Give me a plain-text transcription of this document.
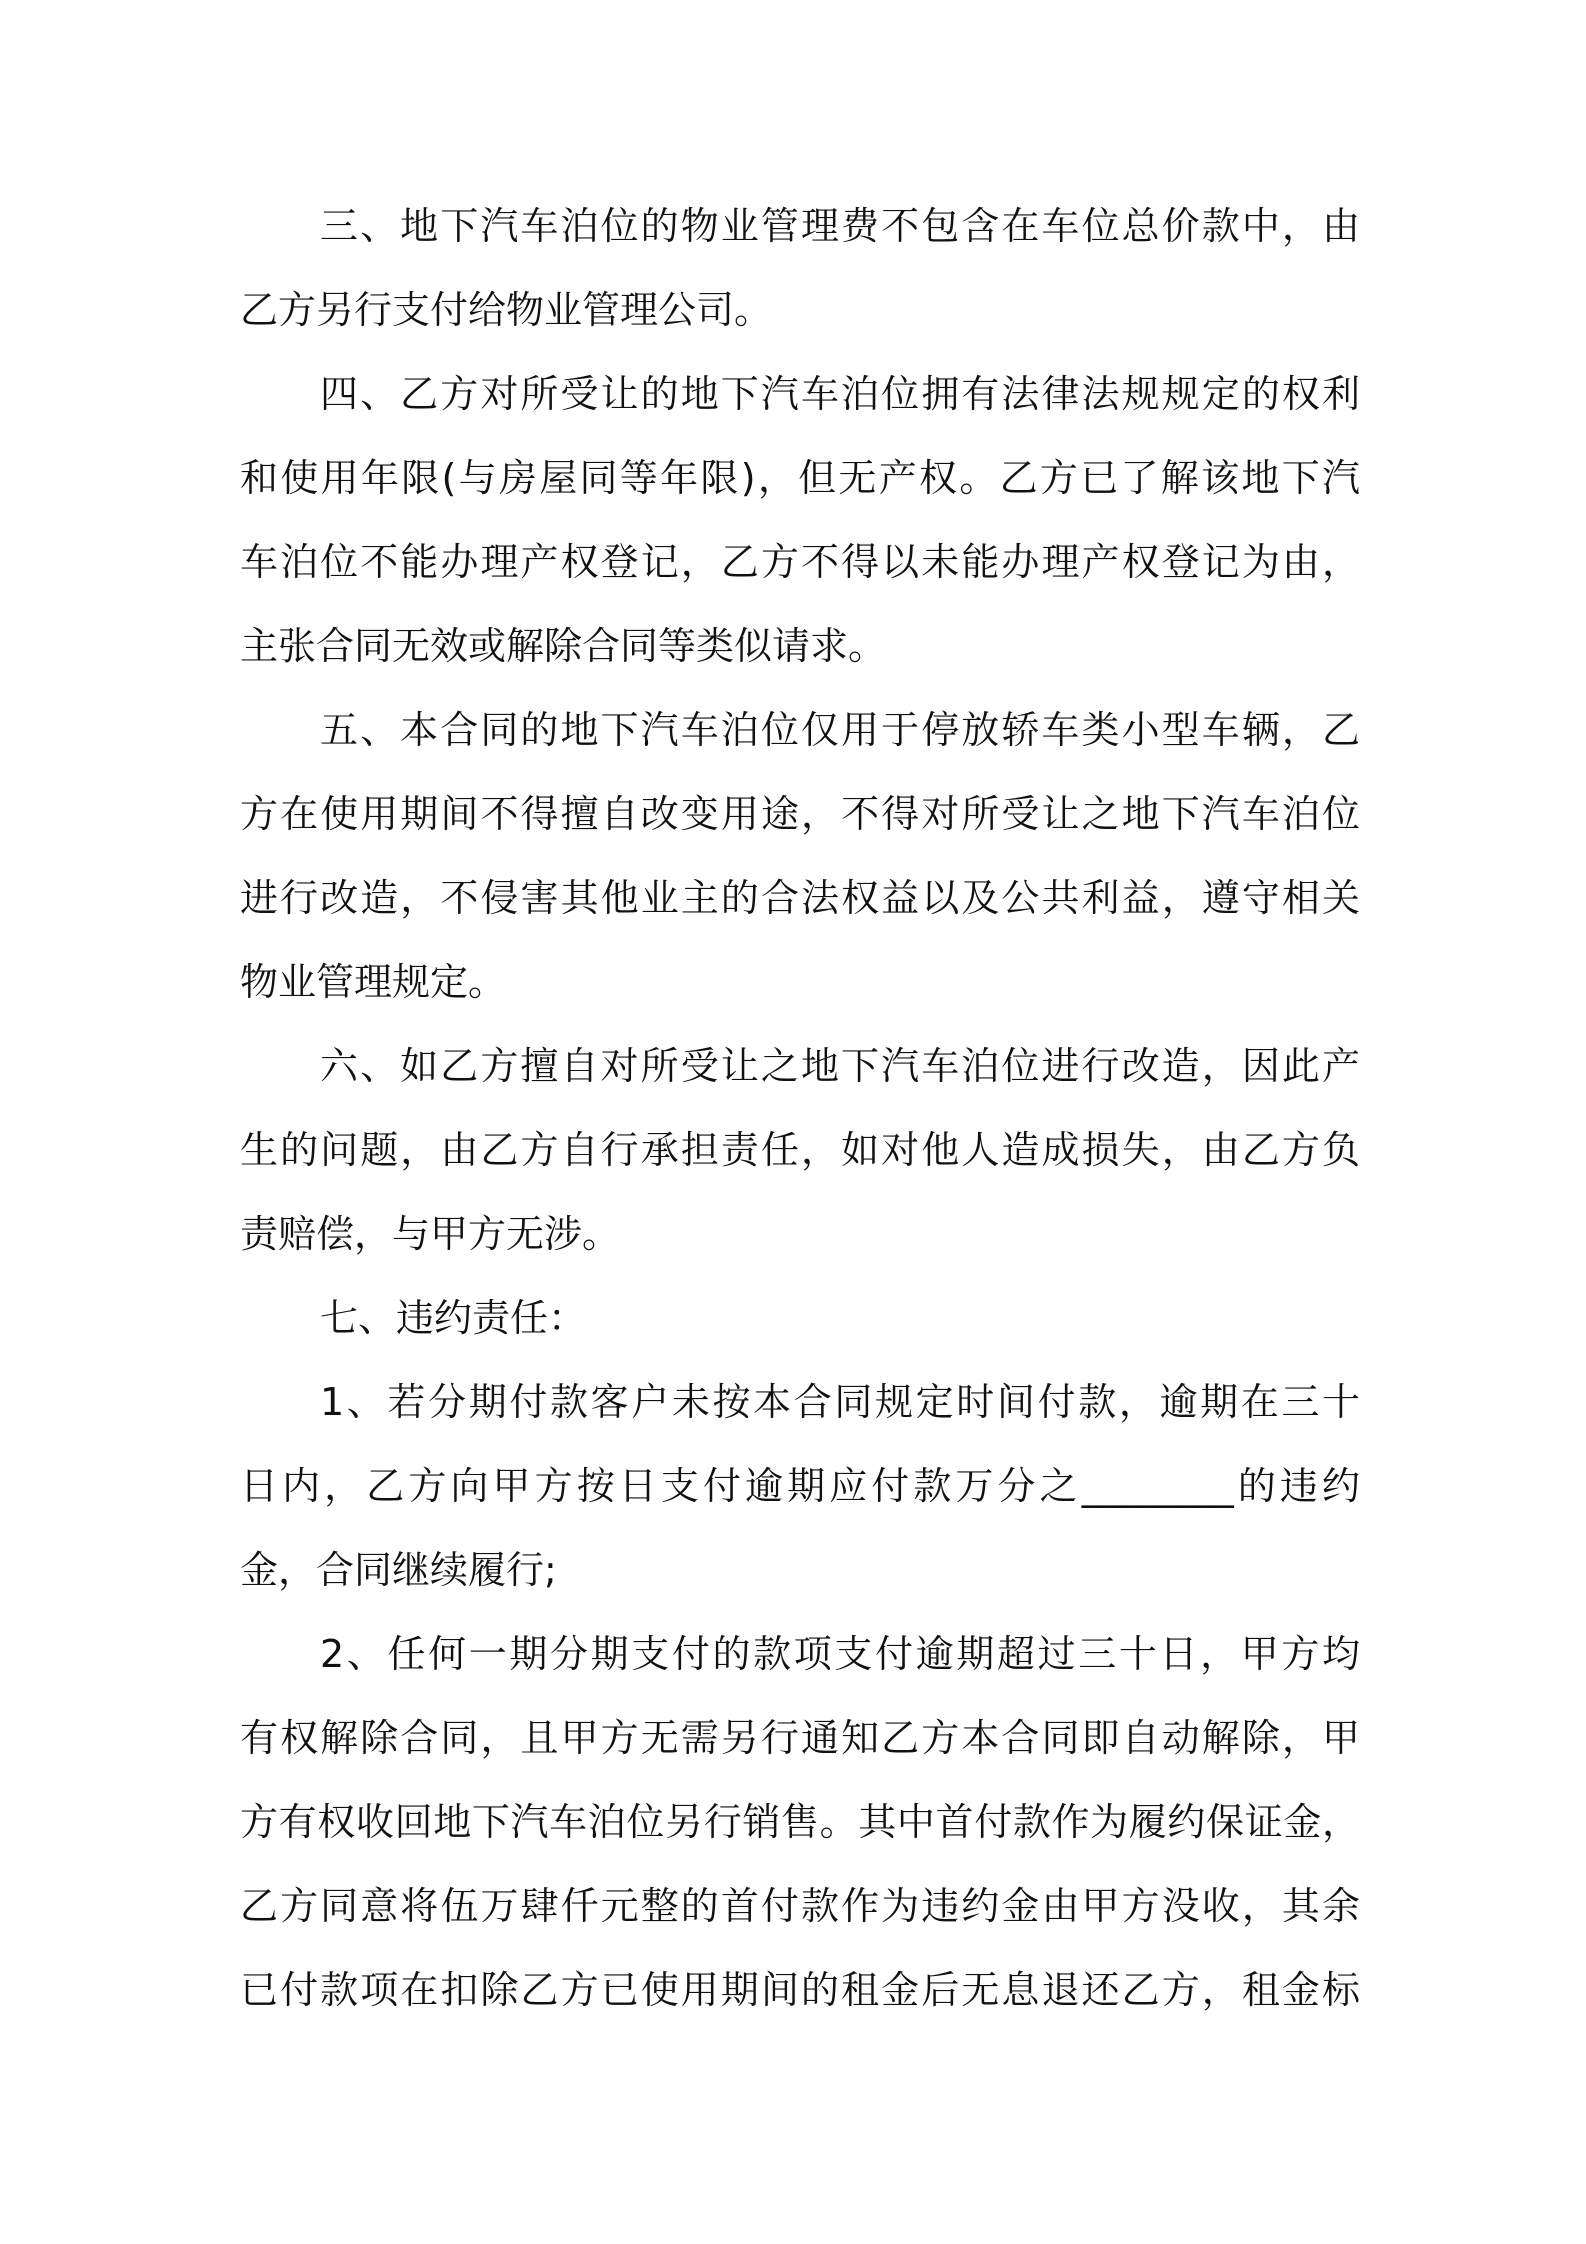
三、地下汽车泊位的物业管理费不包含在车位总价款中，由
乙方另行支付给物业管理公司。
四、乙方对所受让的地下汽车泊位拥有法律法规规定的权利
和使用年限(与房屋同等年限)，但无产权。乙方已了解该地下汽
车泊位不能办理产权登记，乙方不得以未能办理产权登记为由，
主张合同无效或解除合同等类似请求。
五、本合同的地下汽车泊位仅用于停放轿车类小型车辆，乙
方在使用期间不得擅自改变用途，不得对所受让之地下汽车泊位
进行改造，不侵害其他业主的合法权益以及公共利益，遵守相关
物业管理规定。
六、如乙方擅自对所受让之地下汽车泊位进行改造，因此产
生的问题，由乙方自行承担责任，如对他人造成损失，由乙方负
责赔偿，与甲方无涉。
七、违约责任：
1、若分期付款客户未按本合同规定时间付款，逾期在三十
日内，乙方向甲方按日支付逾期应付款万分之________的违约
金，合同继续履行;
2、任何一期分期支付的款项支付逾期超过三十日，甲方均
有权解除合同，且甲方无需另行通知乙方本合同即自动解除，甲
方有权收回地下汽车泊位另行销售。其中首付款作为履约保证金，
乙方同意将伍万肆仟元整的首付款作为违约金由甲方没收，其余
已付款项在扣除乙方已使用期间的租金后无息退还乙方，租金标
